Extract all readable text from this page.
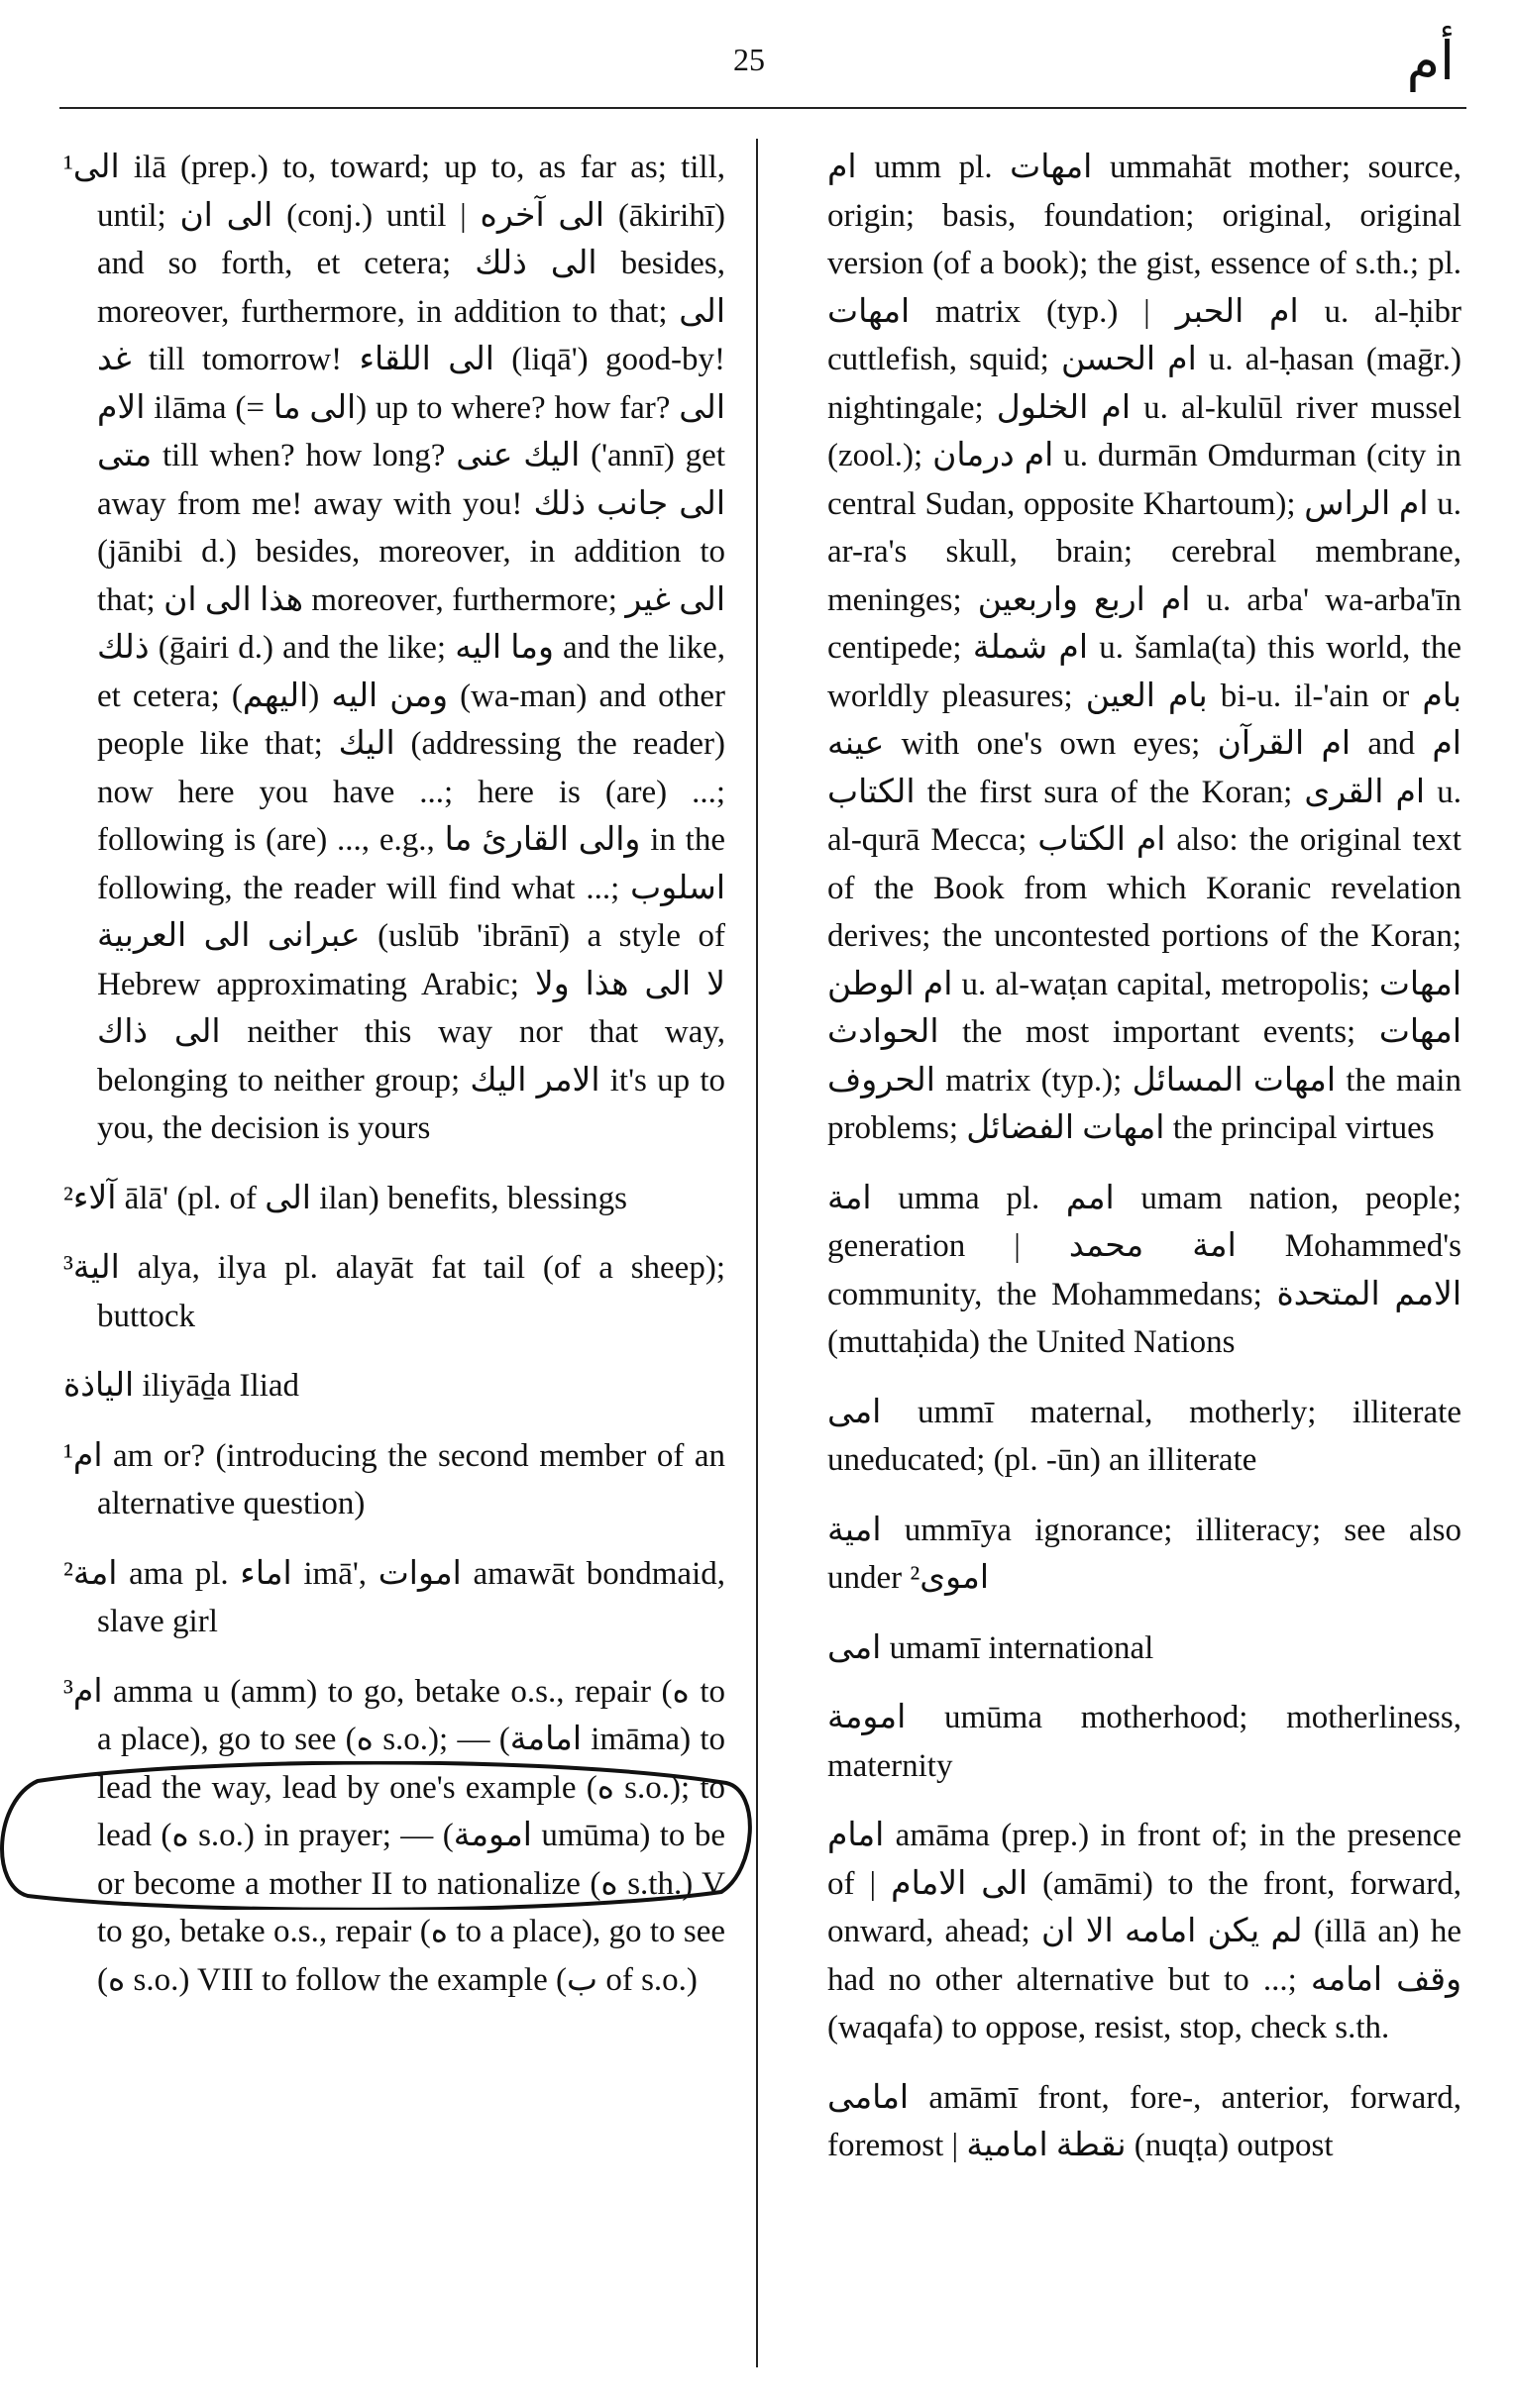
25	أم

¹الى ilā (prep.) to, toward; up to, as far as; till, until; الى ان (conj.) until | الى آخره (ākirihī) and so forth, et cetera; الى ذلك besides, moreover, furthermore, in addition to that; الى غد till tomorrow! الى اللقاء (liqā') good-by! الام ilāma (= الى ما) up to where? how far? الى متى till when? how long? اليك عنى ('annī) get away from me! away with you! الى جانب ذلك (jānibi d.) besides, moreover, in addition to that; هذا الى ان moreover, furthermore; الى غير ذلك (ḡairi d.) and the like; وما اليه and the like, et cetera; ومن اليه (اليهم) (wa-man) and other people like that; اليك (addressing the reader) now here you have ...; here is (are) ...; following is (are) ..., e.g., والى القارئ ما in the following, the reader will find what ...; اسلوب عبرانى الى العربية (uslūb 'ibrānī) a style of Hebrew approximating Arabic; لا الى هذا ولا الى ذاك neither this way nor that way, belonging to neither group; الامر اليك it's up to you, the decision is yours

²آلاء ālā' (pl. of الى ilan) benefits, blessings

³الية alya, ilya pl. alayāt fat tail (of a sheep); buttock

الياذة iliyāḏa Iliad

¹ام am or? (introducing the second member of an alternative question)

²امة ama pl. اماء imā', اموات amawāt bondmaid, slave girl

³ام amma u (amm) to go, betake o.s., repair (ه to a place), go to see (ه s.o.); — (امامة imāma) to lead the way, lead by one's example (ه s.o.); to lead (ه s.o.) in prayer; — (امومة umūma) to be or become a mother II to nationalize (ه s.th.) V to go, betake o.s., repair (ه to a place), go to see (ه s.o.) VIII to follow the example (ب of s.o.)

ام umm pl. امهات ummahāt mother; source, origin; basis, foundation; original, original version (of a book); the gist, essence of s.th.; pl. امهات matrix (typ.) | ام الحبر u. al-ḥibr cuttlefish, squid; ام الحسن u. al-ḥasan (maḡr.) nightingale; ام الخلول u. al-kulūl river mussel (zool.); ام درمان u. durmān Omdurman (city in central Sudan, opposite Khartoum); ام الراس u. ar-ra's skull, brain; cerebral membrane, meninges; ام اربع واربعين u. arba' wa-arba'īn centipede; ام شملة u. šamla(ta) this world, the worldly pleasures; بام العين bi-u. il-'ain or بام عينه with one's own eyes; ام القرآن and ام الكتاب the first sura of the Koran; ام القرى u. al-qurā Mecca; ام الكتاب also: the original text of the Book from which Koranic revelation derives; the uncontested portions of the Koran; ام الوطن u. al-waṭan capital, metropolis; امهات الحوادث the most important events; امهات الحروف matrix (typ.); امهات المسائل the main problems; امهات الفضائل the principal virtues

امة umma pl. امم umam nation, people; generation | امة محمد Mohammed's community, the Mohammedans; الامم المتحدة (muttaḥida) the United Nations

امى ummī maternal, motherly; illiterate uneducated; (pl. -ūn) an illiterate

امية ummīya ignorance; illiteracy; see also under ²اموى

امى umamī international

امومة umūma motherhood; motherliness, maternity

امام amāma (prep.) in front of; in the presence of | الى الامام (amāmi) to the front, forward, onward, ahead; لم يكن امامه الا ان (illā an) he had no other alternative but to ...; وقف امامه (waqafa) to oppose, resist, stop, check s.th.

امامى amāmī front, fore-, anterior, forward, foremost | نقطة امامية (nuqṭa) outpost
